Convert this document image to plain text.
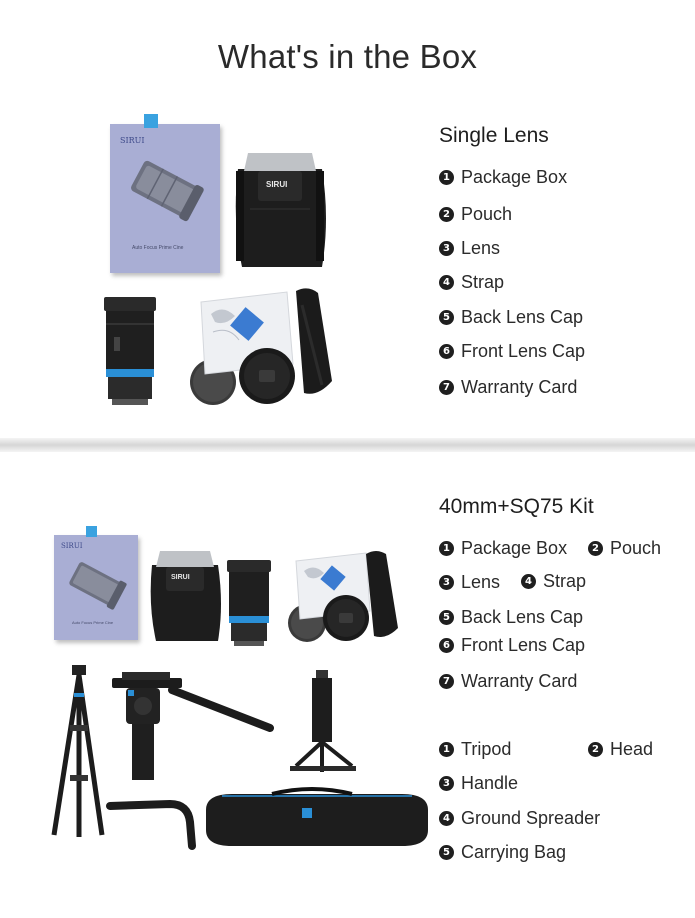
What's in the Box
SIRUI
Auto Focus Prime Cine
SIRUI
Single Lens
1 Package Box
2 Pouch
3 Lens
4 Strap
5 Back Lens Cap
6 Front Lens Cap
7 Warranty Card
SIRUI
Auto Focus Prime Cine
SIRUI
40mm+SQ75 Kit
1 Package Box	2 Pouch
3 Lens	4 Strap
5 Back Lens Cap
6 Front Lens Cap
7 Warranty Card
1 Tripod	2 Head
3 Handle
4 Ground Spreader
5 Carrying Bag
